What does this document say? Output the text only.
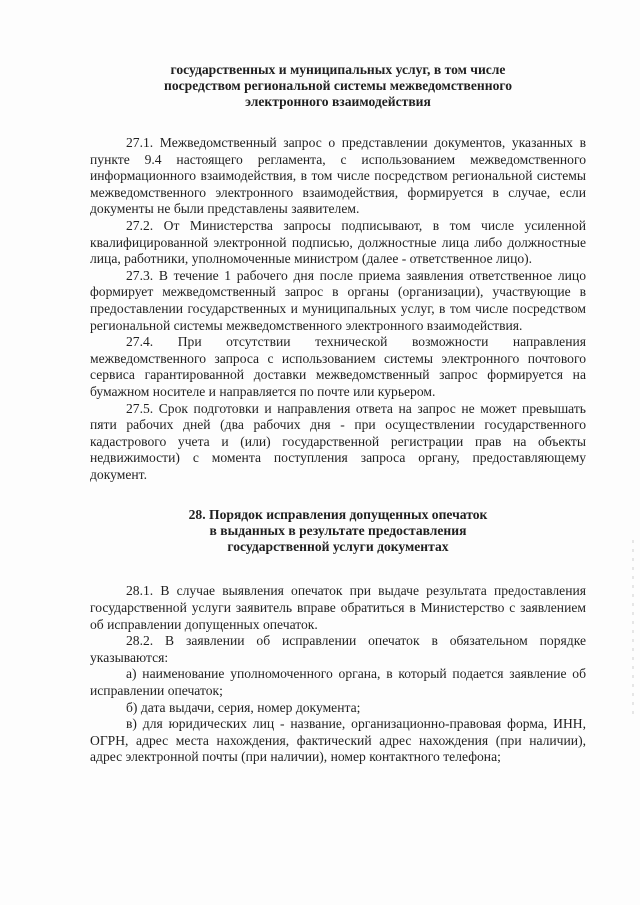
государственных и муниципальных услуг, в том числе
посредством региональной системы межведомственного
электронного взаимодействия

27.1. Межведомственный запрос о представлении документов, указанных в пункте 9.4 настоящего регламента, с использованием межведомственного информационного взаимодействия, в том числе посредством региональной системы межведомственного электронного взаимодействия, формируется в случае, если документы не были представлены заявителем.

27.2. От Министерства запросы подписывают, в том числе усиленной квалифицированной электронной подписью, должностные лица либо должностные лица, работники, уполномоченные министром (далее - ответственное лицо).

27.3. В течение 1 рабочего дня после приема заявления ответственное лицо формирует межведомственный запрос в органы (организации), участвующие в предоставлении государственных и муниципальных услуг, в том числе посредством региональной системы межведомственного электронного взаимодействия.

27.4. При отсутствии технической возможности направления межведомственного запроса с использованием системы электронного почтового сервиса гарантированной доставки межведомственный запрос формируется на бумажном носителе и направляется по почте или курьером.

27.5. Срок подготовки и направления ответа на запрос не может превышать пяти рабочих дней (два рабочих дня - при осуществлении государственного кадастрового учета и (или) государственной регистрации прав на объекты недвижимости) с момента поступления запроса органу, предоставляющему документ.

28. Порядок исправления допущенных опечаток
в выданных в результате предоставления
государственной услуги документах

28.1. В случае выявления опечаток при выдаче результата предоставления государственной услуги заявитель вправе обратиться в Министерство с заявлением об исправлении допущенных опечаток.

28.2. В заявлении об исправлении опечаток в обязательном порядке указываются:

а) наименование уполномоченного органа, в который подается заявление об исправлении опечаток;

б) дата выдачи, серия, номер документа;

в) для юридических лиц - название, организационно-правовая форма, ИНН, ОГРН, адрес места нахождения, фактический адрес нахождения (при наличии), адрес электронной почты (при наличии), номер контактного телефона;
